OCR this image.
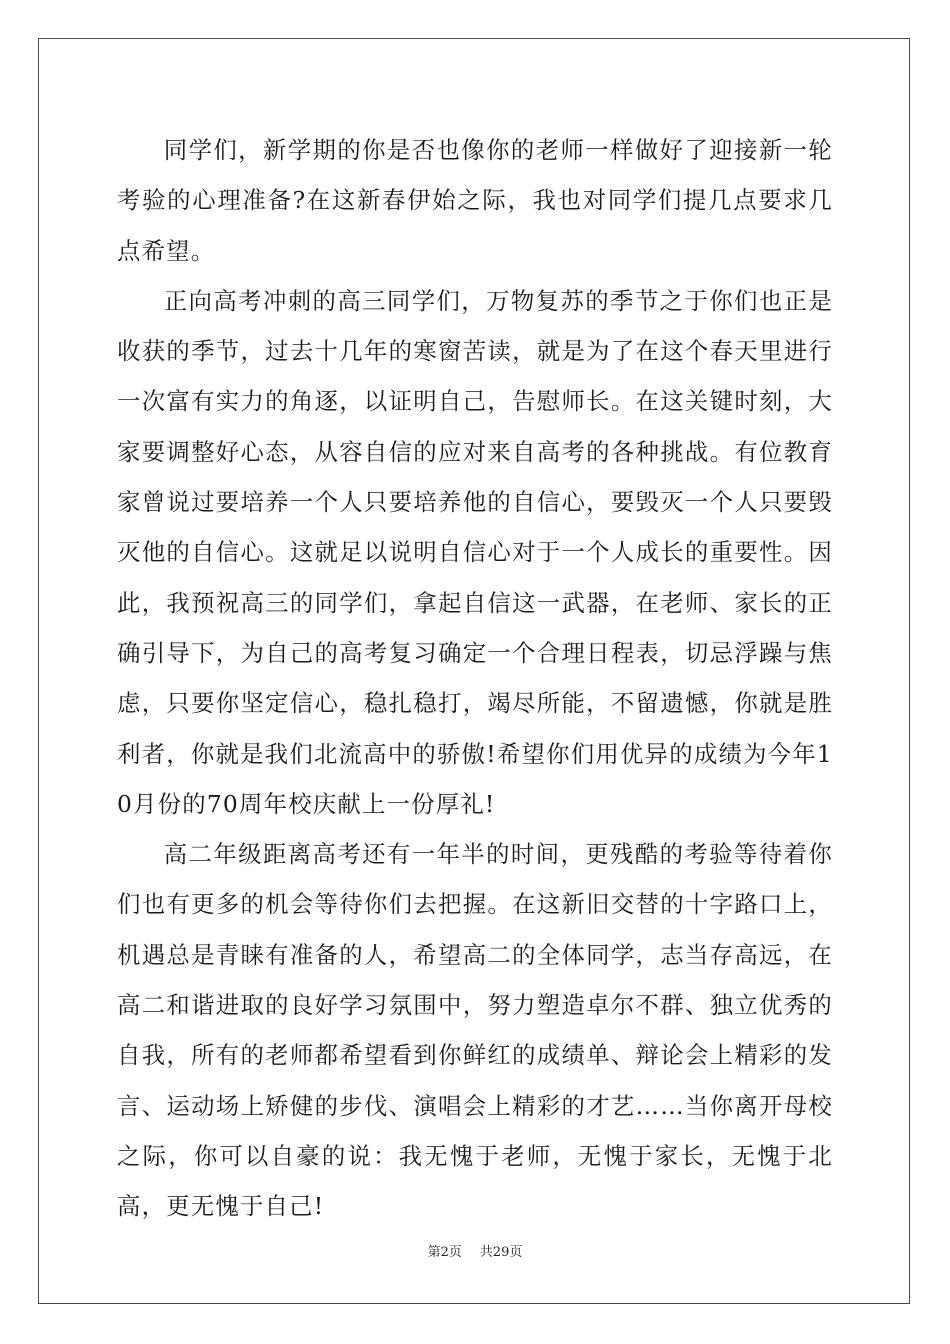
同学们，新学期的你是否也像你的老师一样做好了迎接新一轮考验的心理准备?在这新春伊始之际，我也对同学们提几点要求几点希望。

正向高考冲刺的高三同学们，万物复苏的季节之于你们也正是收获的季节，过去十几年的寒窗苦读，就是为了在这个春天里进行一次富有实力的角逐，以证明自己，告慰师长。在这关键时刻，大家要调整好心态，从容自信的应对来自高考的各种挑战。有位教育家曾说过要培养一个人只要培养他的自信心，要毁灭一个人只要毁灭他的自信心。这就足以说明自信心对于一个人成长的重要性。因此，我预祝高三的同学们，拿起自信这一武器，在老师、家长的正确引导下，为自己的高考复习确定一个合理日程表，切忌浮躁与焦虑，只要你坚定信心，稳扎稳打，竭尽所能，不留遗憾，你就是胜利者，你就是我们北流高中的骄傲!希望你们用优异的成绩为今年10月份的70周年校庆献上一份厚礼!

高二年级距离高考还有一年半的时间，更残酷的考验等待着你们也有更多的机会等待你们去把握。在这新旧交替的十字路口上，机遇总是青睐有准备的人，希望高二的全体同学，志当存高远，在高二和谐进取的良好学习氛围中，努力塑造卓尔不群、独立优秀的自我，所有的老师都希望看到你鲜红的成绩单、辩论会上精彩的发言、运动场上矫健的步伐、演唱会上精彩的才艺……当你离开母校之际，你可以自豪的说：我无愧于老师，无愧于家长，无愧于北高，更无愧于自己!

第2页 共29页
